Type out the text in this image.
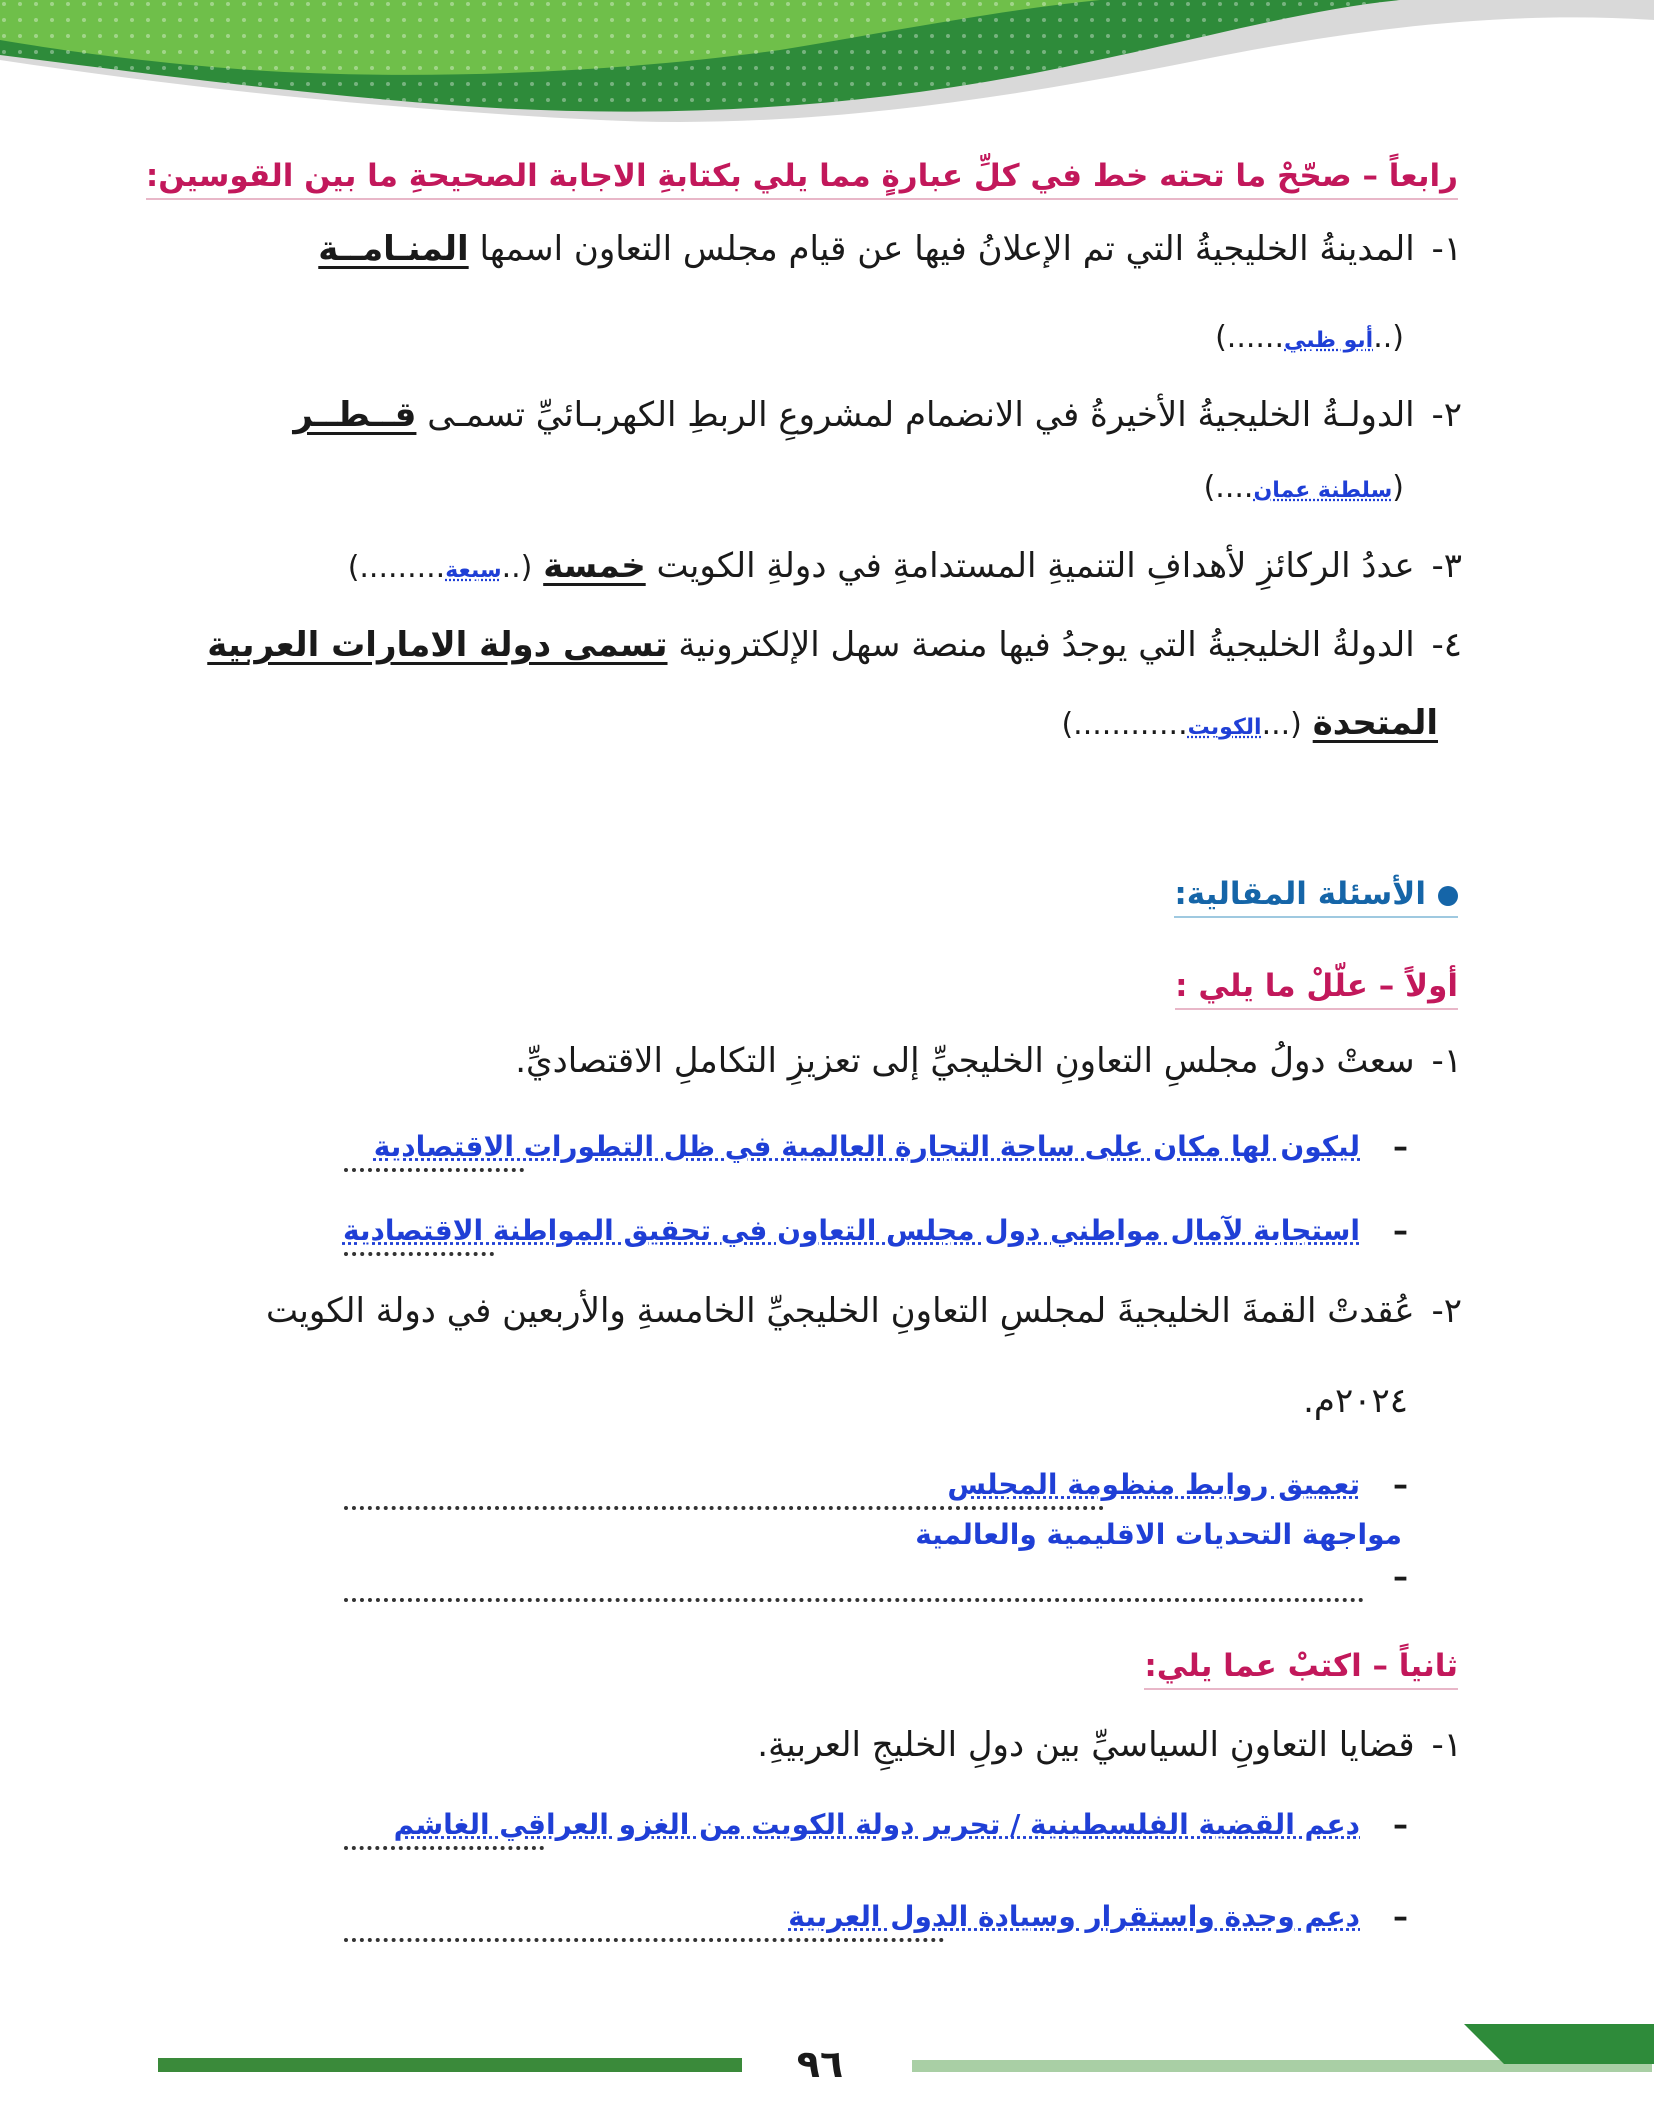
رابعاً – صحّحْ ما تحته خط في كلِّ عبارةٍ مما يلي بكتابةِ الاجابة الصحيحةِ ما بين القوسين:
١- المدينةُ الخليجيةُ التي تم الإعلانُ فيها عن قيام مجلس التعاون اسمها المنـامــة
(..أبو ظبي......)
٢- الدولـةُ الخليجيةُ الأخيرةُ في الانضمام لمشروعِ الربطِ الكهربـائيِّ تسمـى قــطــر
(سلطنة عمان....)
٣- عددُ الركائزِ لأهدافِ التنميةِ المستدامةِ في دولةِ الكويت خمسة (..سبعة.........)
٤- الدولةُ الخليجيةُ التي يوجدُ فيها منصة سهل الإلكترونية تسمى دولة الامارات العربية
المتحدة (...الكويت............)
الأسئلة المقالية:
أولاً – علّلْ ما يلي :
١- سعتْ دولُ مجلسِ التعاونِ الخليجيِّ إلى تعزيزِ التكاملِ الاقتصاديِّ.
–
ليكون لها مكان على ساحة التجارة العالمية في ظل التطورات الاقتصادية
–
استجابة لآمال مواطني دول مجلس التعاون في تحقيق المواطنة الاقتصادية
٢- عُقدتْ القمةَ الخليجيةَ لمجلسِ التعاونِ الخليجيِّ الخامسةِ والأربعين في دولة الكويت
٢٠٢٤م.
–
تعميق روابط منظومة المجلس
مواجهة التحديات الاقليمية والعالمية
–
ثانياً – اكتبْ عما يلي:
١- قضايا التعاونِ السياسيِّ بين دولِ الخليجِ العربيةِ.
–
دعم القضية الفلسطينية / تحرير دولة الكويت من الغزو العراقي الغاشم
–
دعم وحدة واستقرار وسيادة الدول العربية
٩٦
